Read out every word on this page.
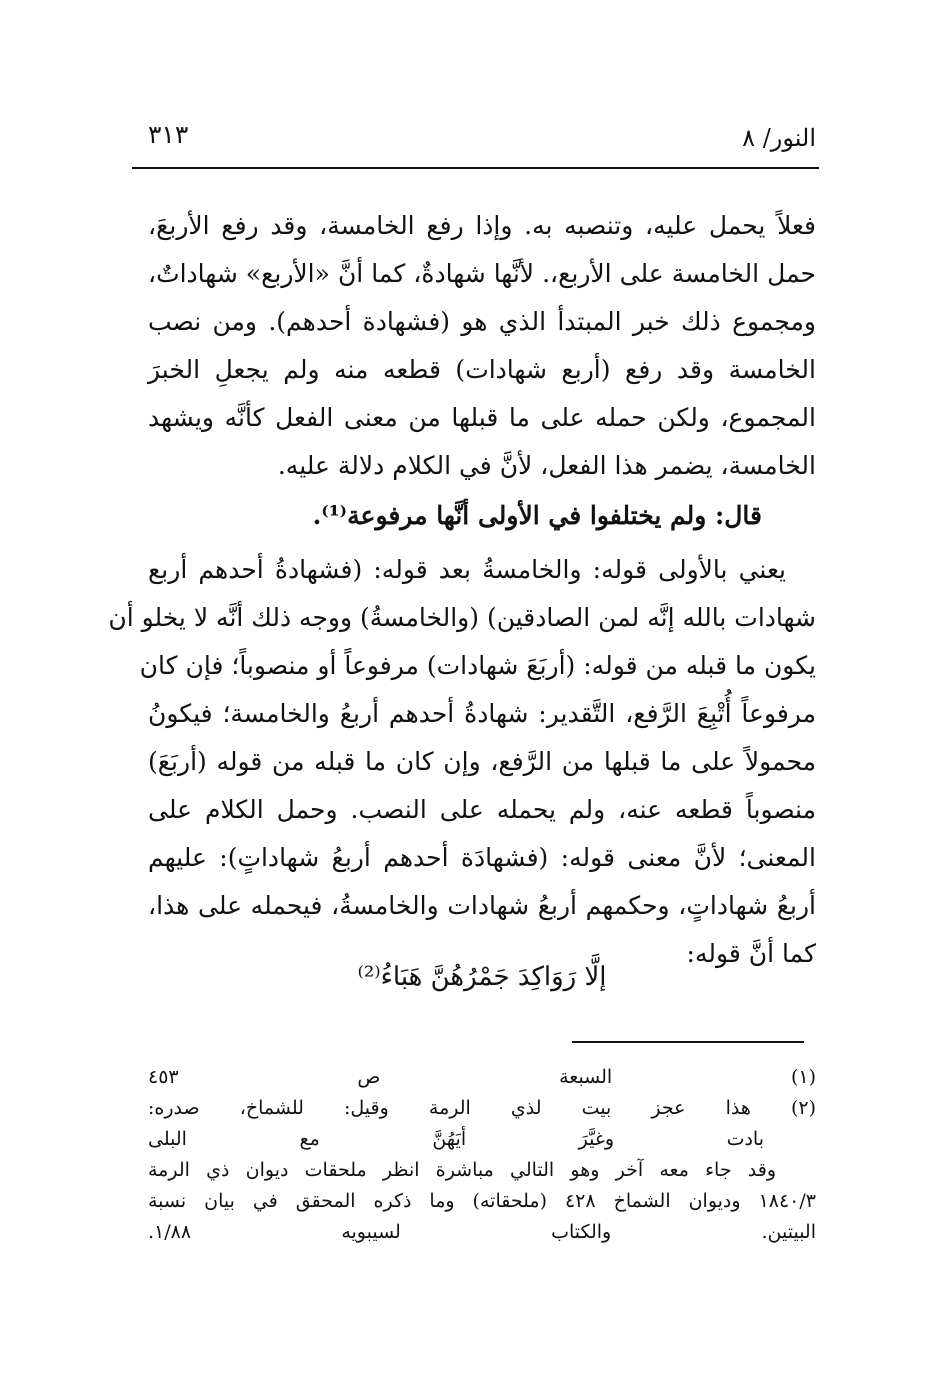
٣١٣	النور/ ٨
فعلاً يحمل عليه، وتنصبه به. وإذا رفع الخامسة، وقد رفع الأربعَ،
حمل الخامسة على الأربع،. لأنَّها شهادةٌ، كما أنَّ «الأربع» شهاداتٌ،
ومجموع ذلك خبر المبتدأ الذي هو (فشهادة أحدهم). ومن نصب
الخامسة وقد رفع (أربع شهادات) قطعه منه ولم يجعلِ الخبرَ
المجموع، ولكن حمله على ما قبلها من معنى الفعل كأنَّه ويشهد
الخامسة، يضمر هذا الفعل، لأنَّ في الكلام دلالة عليه.
قال: ولم يختلفوا في الأولى أنَّها مرفوعة⁽¹⁾.
يعني بالأولى قوله: والخامسةُ بعد قوله: (فشهادةُ أحدهم أربع
شهادات بالله إنَّه لمن الصادقين) (والخامسةُ) ووجه ذلك أنَّه لا يخلو أن
يكون ما قبله من قوله: (أربَعَ شهادات) مرفوعاً أو منصوباً؛ فإن كان
مرفوعاً أُتْبِعَ الرَّفع، التَّقدير: شهادةُ أحدهم أربعُ والخامسة؛ فيكونُ
محمولاً على ما قبلها من الرَّفع، وإن كان ما قبله من قوله (أربَعَ)
منصوباً قطعه عنه، ولم يحمله على النصب. وحمل الكلام على
المعنى؛ لأنَّ معنى قوله: (فشهادَة أحدهم أربعُ شهاداتٍ): عليهم
أربعُ شهاداتٍ، وحكمهم أربعُ شهادات والخامسةُ، فيحمله على هذا،
كما أنَّ قوله:
إلَّا رَوَاكِدَ جَمْرُهُنَّ هَبَاءُ⁽²⁾
(١) السبعة ص ٤٥٣
(٢) هذا عجز بيت لذي الرمة وقيل: للشماخ، صدره:
بادت وغيَّرَ أيَهُنَّ مع البلى
وقد جاء معه آخر وهو التالي مباشرة انظر ملحقات ديوان ذي الرمة
١٨٤٠/٣ وديوان الشماخ ٤٢٨ (ملحقاته) وما ذكره المحقق في بيان نسبة
البيتين. والكتاب لسيبويه ١/٨٨.
